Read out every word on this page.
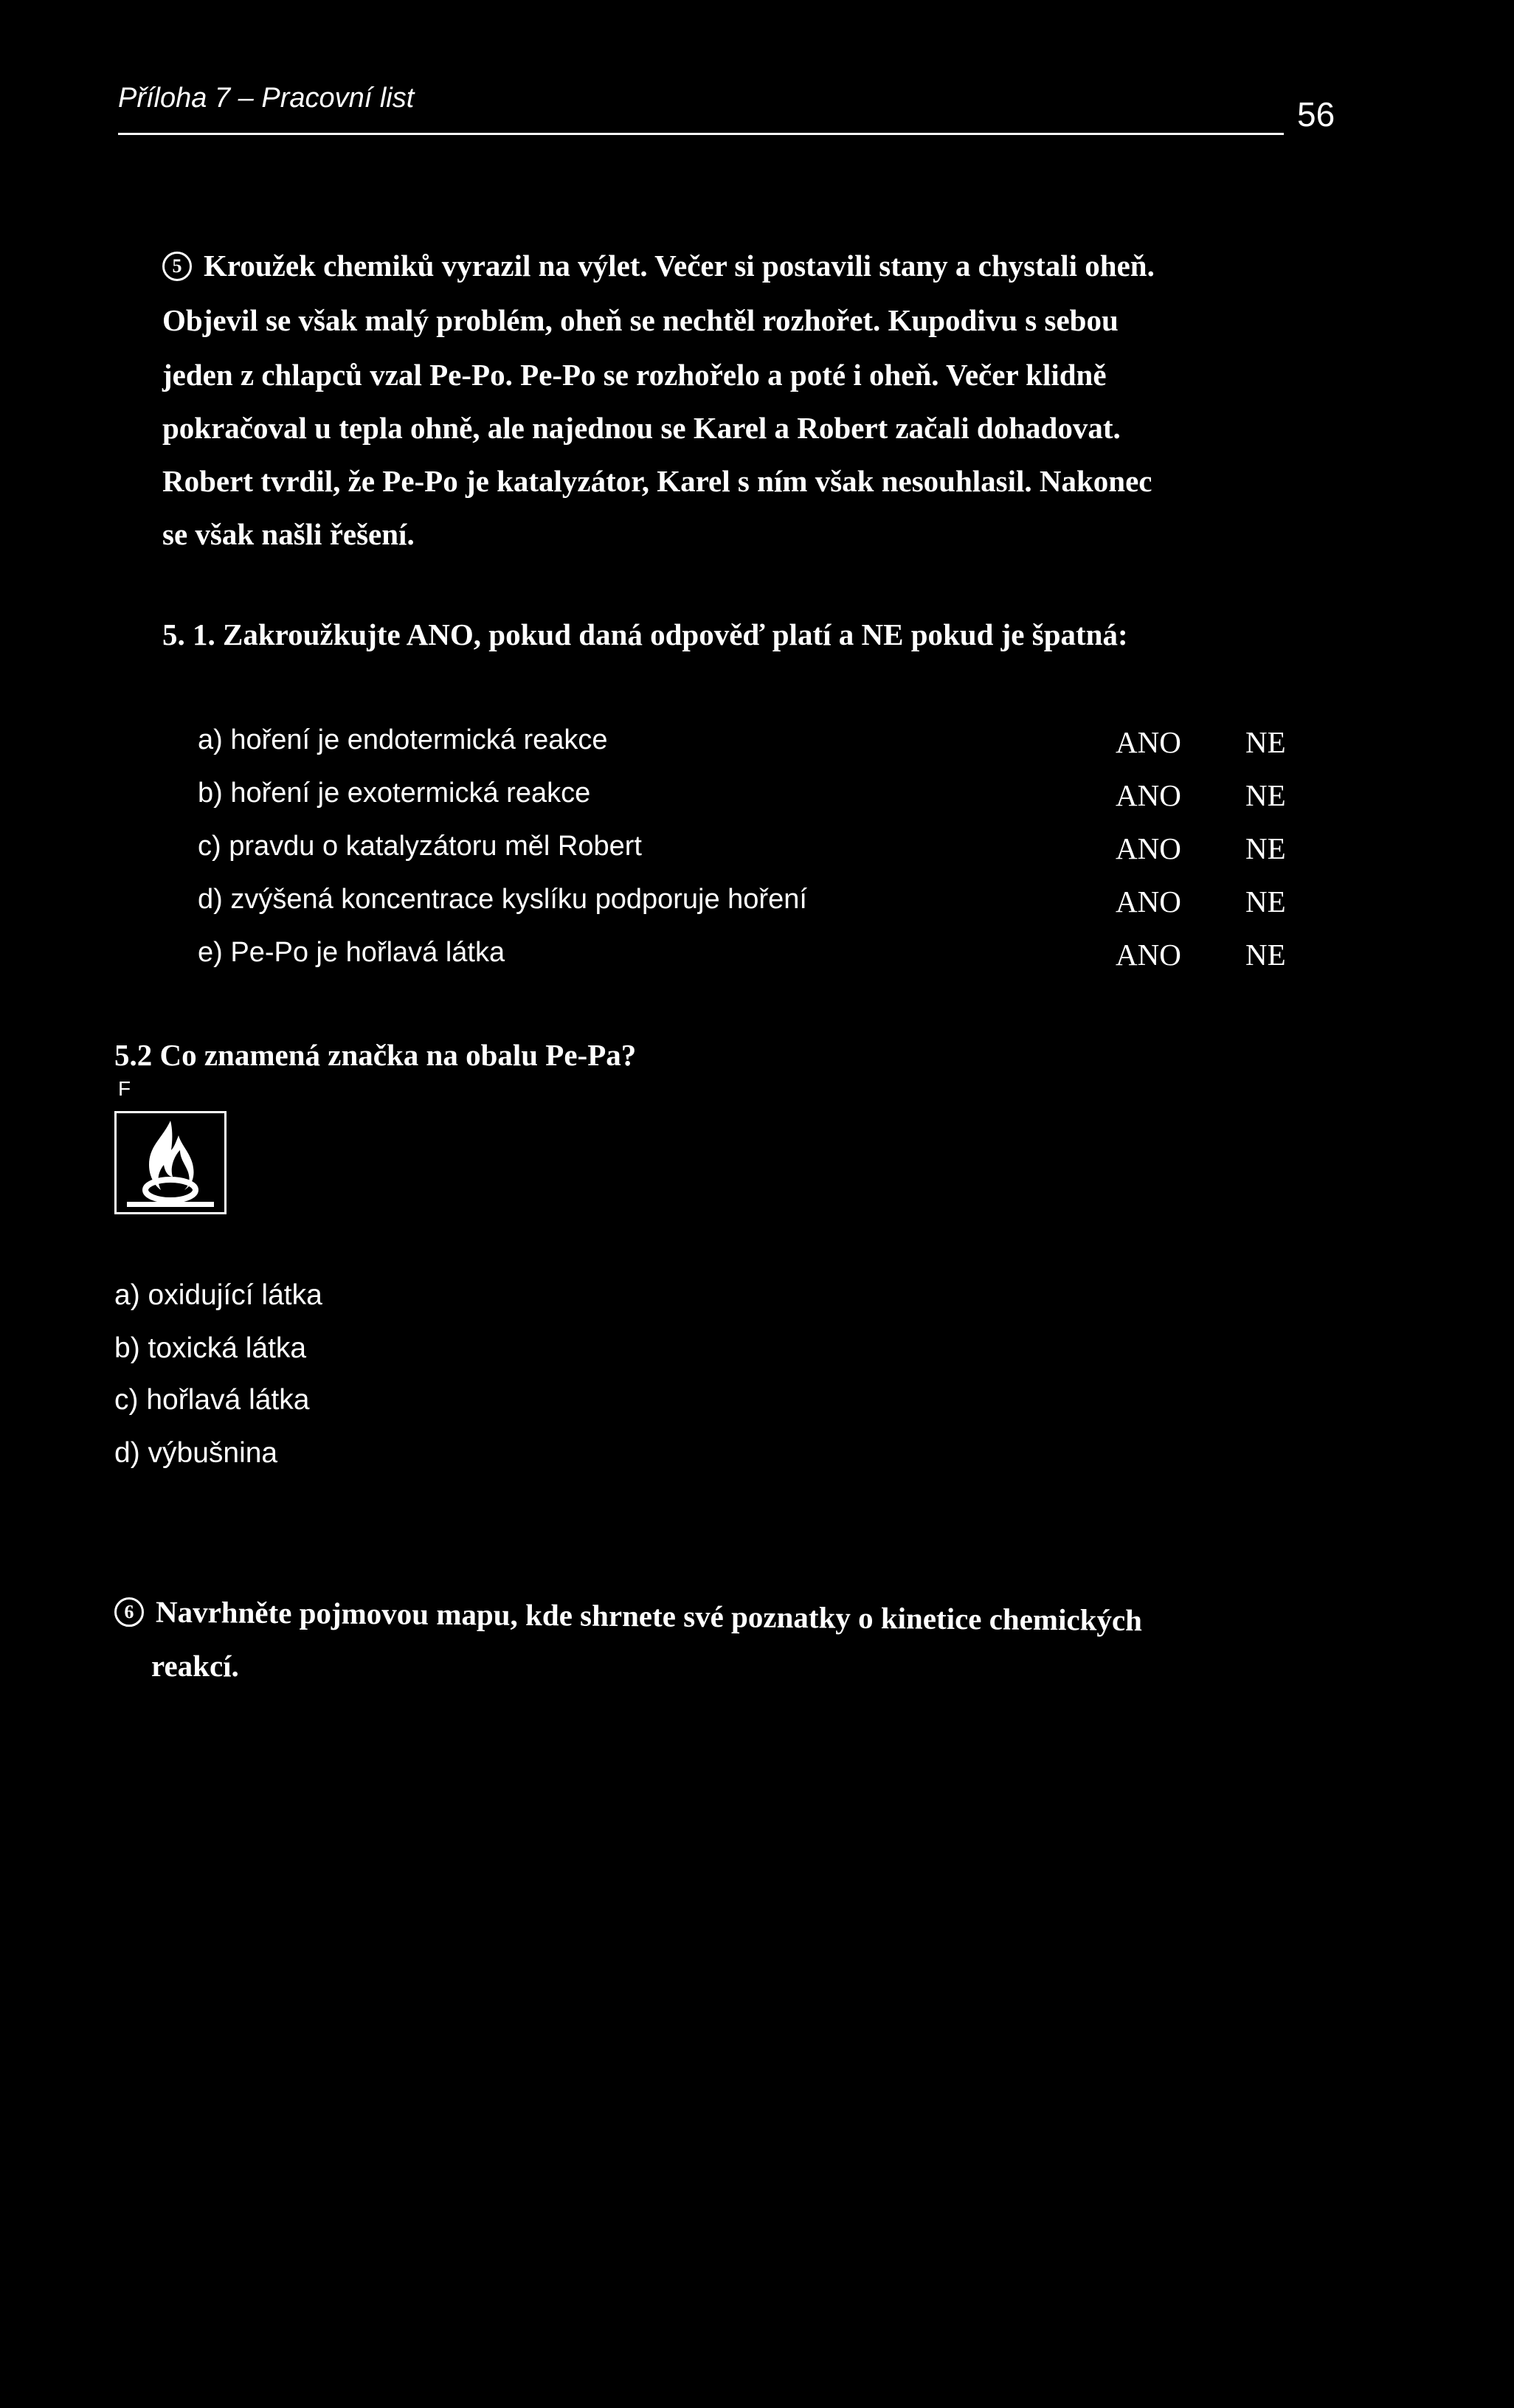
Příloha 7 – Pracovní list	56
5 Kroužek chemiků vyrazil na výlet. Večer si postavili stany a chystali oheň.
Objevil se však malý problém, oheň se nechtěl rozhořet. Kupodivu s sebou
jeden z chlapců vzal Pe-Po. Pe-Po se rozhořelo a poté i oheň. Večer klidně
pokračoval u tepla ohně, ale najednou se Karel a Robert začali dohadovat.
Robert tvrdil, že Pe-Po je katalyzátor, Karel s ním však nesouhlasil. Nakonec
se však našli řešení.
5. 1. Zakroužkujte ANO, pokud daná odpověď platí a NE pokud je špatná:
a) hoření je endotermická reakce	ANO NE
b) hoření je exotermická reakce	ANO NE
c) pravdu o katalyzátoru měl Robert	ANO NE
d) zvýšená koncentrace kyslíku podporuje hoření	ANO NE
e) Pe-Po je hořlavá látka	ANO NE
5.2 Co znamená značka na obalu Pe-Pa?
F
a) oxidující látka
b) toxická látka
c) hořlavá látka
d) výbušnina
6 Navrhněte pojmovou mapu, kde shrnete své poznatky o kinetice chemických
reakcí.
